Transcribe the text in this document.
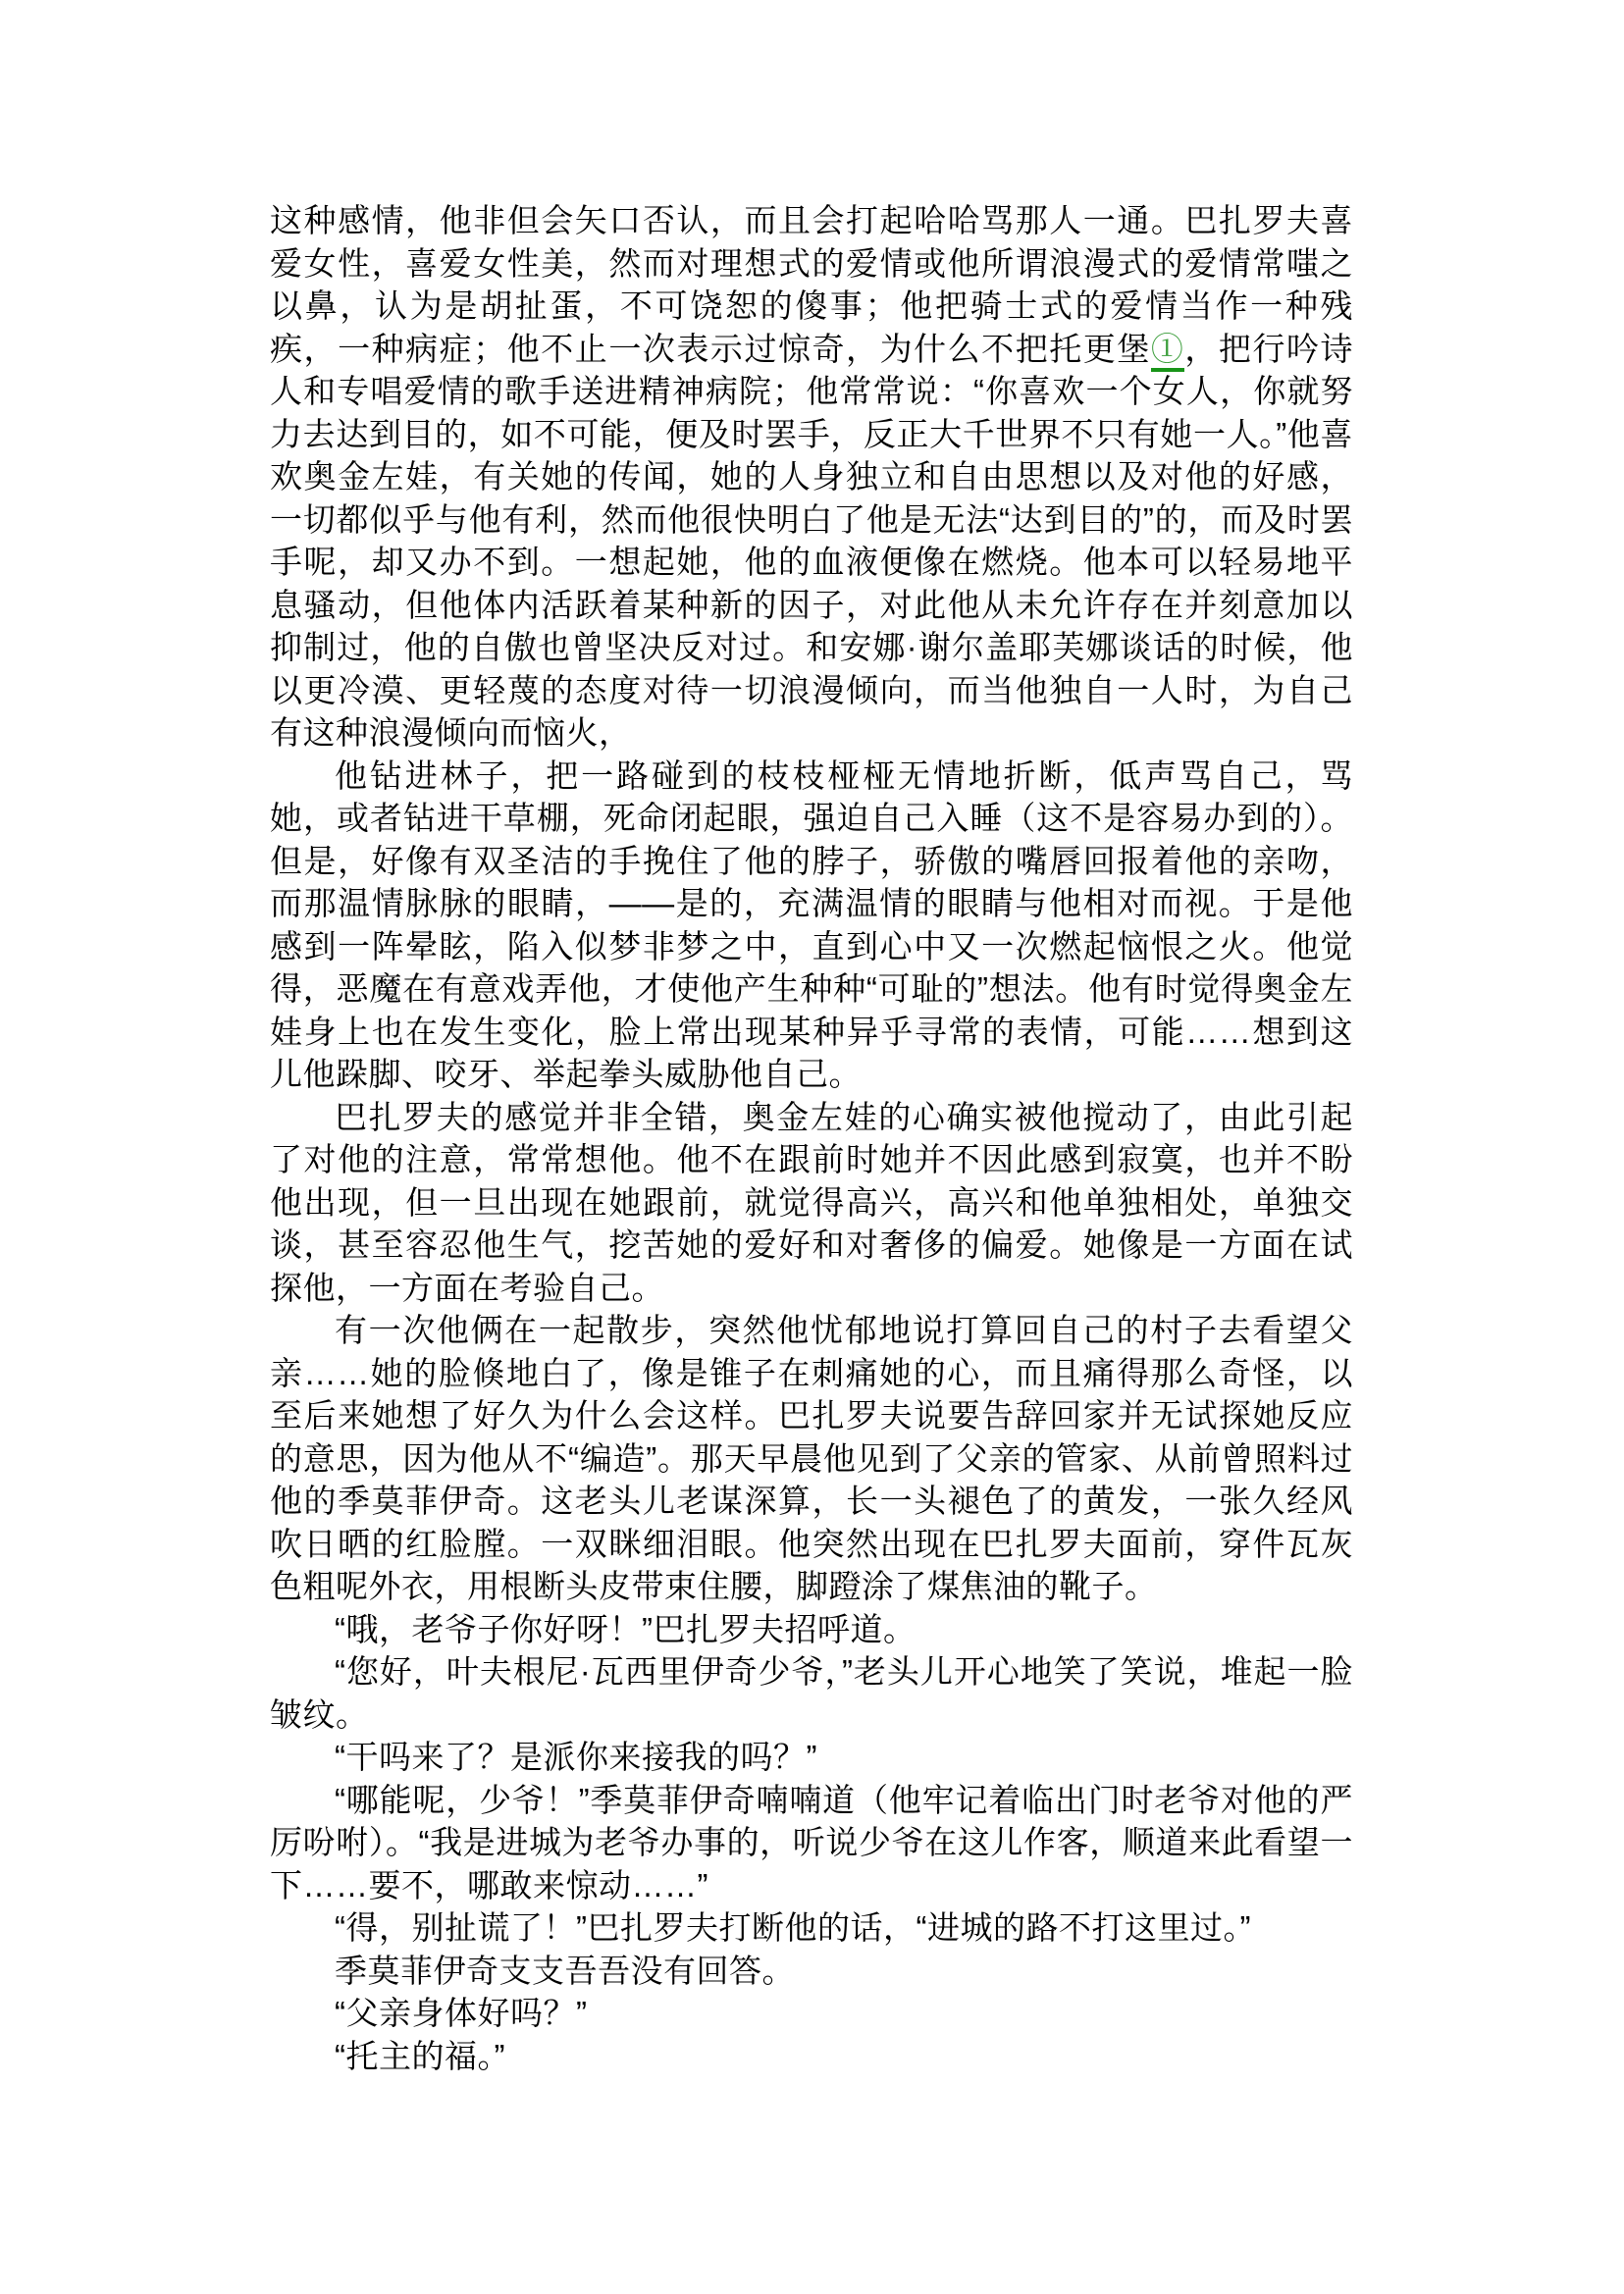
这种感情，他非但会矢口否认，而且会打起哈哈骂那人一通。巴扎罗夫喜爱女性，喜爱女性美，然而对理想式的爱情或他所谓浪漫式的爱情常嗤之以鼻，认为是胡扯蛋，不可饶恕的傻事；他把骑士式的爱情当作一种残疾，一种病症；他不止一次表示过惊奇，为什么不把托更堡①，把行吟诗人和专唱爱情的歌手送进精神病院；他常常说：“你喜欢一个女人，你就努力去达到目的，如不可能，便及时罢手，反正大千世界不只有她一人。”他喜欢奥金左娃，有关她的传闻，她的人身独立和自由思想以及对他的好感，一切都似乎与他有利，然而他很快明白了他是无法“达到目的”的，而及时罢手呢，却又办不到。一想起她，他的血液便像在燃烧。他本可以轻易地平息骚动，但他体内活跃着某种新的因子，对此他从未允许存在并刻意加以抑制过，他的自傲也曾坚决反对过。和安娜·谢尔盖耶芙娜谈话的时候，他以更冷漠、更轻蔑的态度对待一切浪漫倾向，而当他独自一人时，为自己有这种浪漫倾向而恼火，

他钻进林子，把一路碰到的枝枝桠桠无情地折断，低声骂自己，骂她，或者钻进干草棚，死命闭起眼，强迫自己入睡（这不是容易办到的）。但是，好像有双圣洁的手挽住了他的脖子，骄傲的嘴唇回报着他的亲吻，而那温情脉脉的眼睛，——是的，充满温情的眼睛与他相对而视。于是他感到一阵晕眩，陷入似梦非梦之中，直到心中又一次燃起恼恨之火。他觉得，恶魔在有意戏弄他，才使他产生种种“可耻的”想法。他有时觉得奥金左娃身上也在发生变化，脸上常出现某种异乎寻常的表情，可能……想到这儿他跺脚、咬牙、举起拳头威胁他自己。

巴扎罗夫的感觉并非全错，奥金左娃的心确实被他搅动了，由此引起了对他的注意，常常想他。他不在跟前时她并不因此感到寂寞，也并不盼他出现，但一旦出现在她跟前，就觉得高兴，高兴和他单独相处，单独交谈，甚至容忍他生气，挖苦她的爱好和对奢侈的偏爱。她像是一方面在试探他，一方面在考验自己。

有一次他俩在一起散步，突然他忧郁地说打算回自己的村子去看望父亲……她的脸倏地白了，像是锥子在刺痛她的心，而且痛得那么奇怪，以至后来她想了好久为什么会这样。巴扎罗夫说要告辞回家并无试探她反应的意思，因为他从不“编造”。那天早晨他见到了父亲的管家、从前曾照料过他的季莫菲伊奇。这老头儿老谋深算，长一头褪色了的黄发，一张久经风吹日晒的红脸膛。一双眯细泪眼。他突然出现在巴扎罗夫面前，穿件瓦灰色粗呢外衣，用根断头皮带束住腰，脚蹬涂了煤焦油的靴子。

“哦，老爷子你好呀！”巴扎罗夫招呼道。

“您好，叶夫根尼·瓦西里伊奇少爷，”老头儿开心地笑了笑说，堆起一脸皱纹。

“干吗来了？是派你来接我的吗？”

“哪能呢，少爷！”季莫菲伊奇喃喃道（他牢记着临出门时老爷对他的严厉吩咐）。“我是进城为老爷办事的，听说少爷在这儿作客，顺道来此看望一下……要不，哪敢来惊动……”

“得，别扯谎了！”巴扎罗夫打断他的话，“进城的路不打这里过。”

季莫菲伊奇支支吾吾没有回答。

“父亲身体好吗？”

“托主的福。”
